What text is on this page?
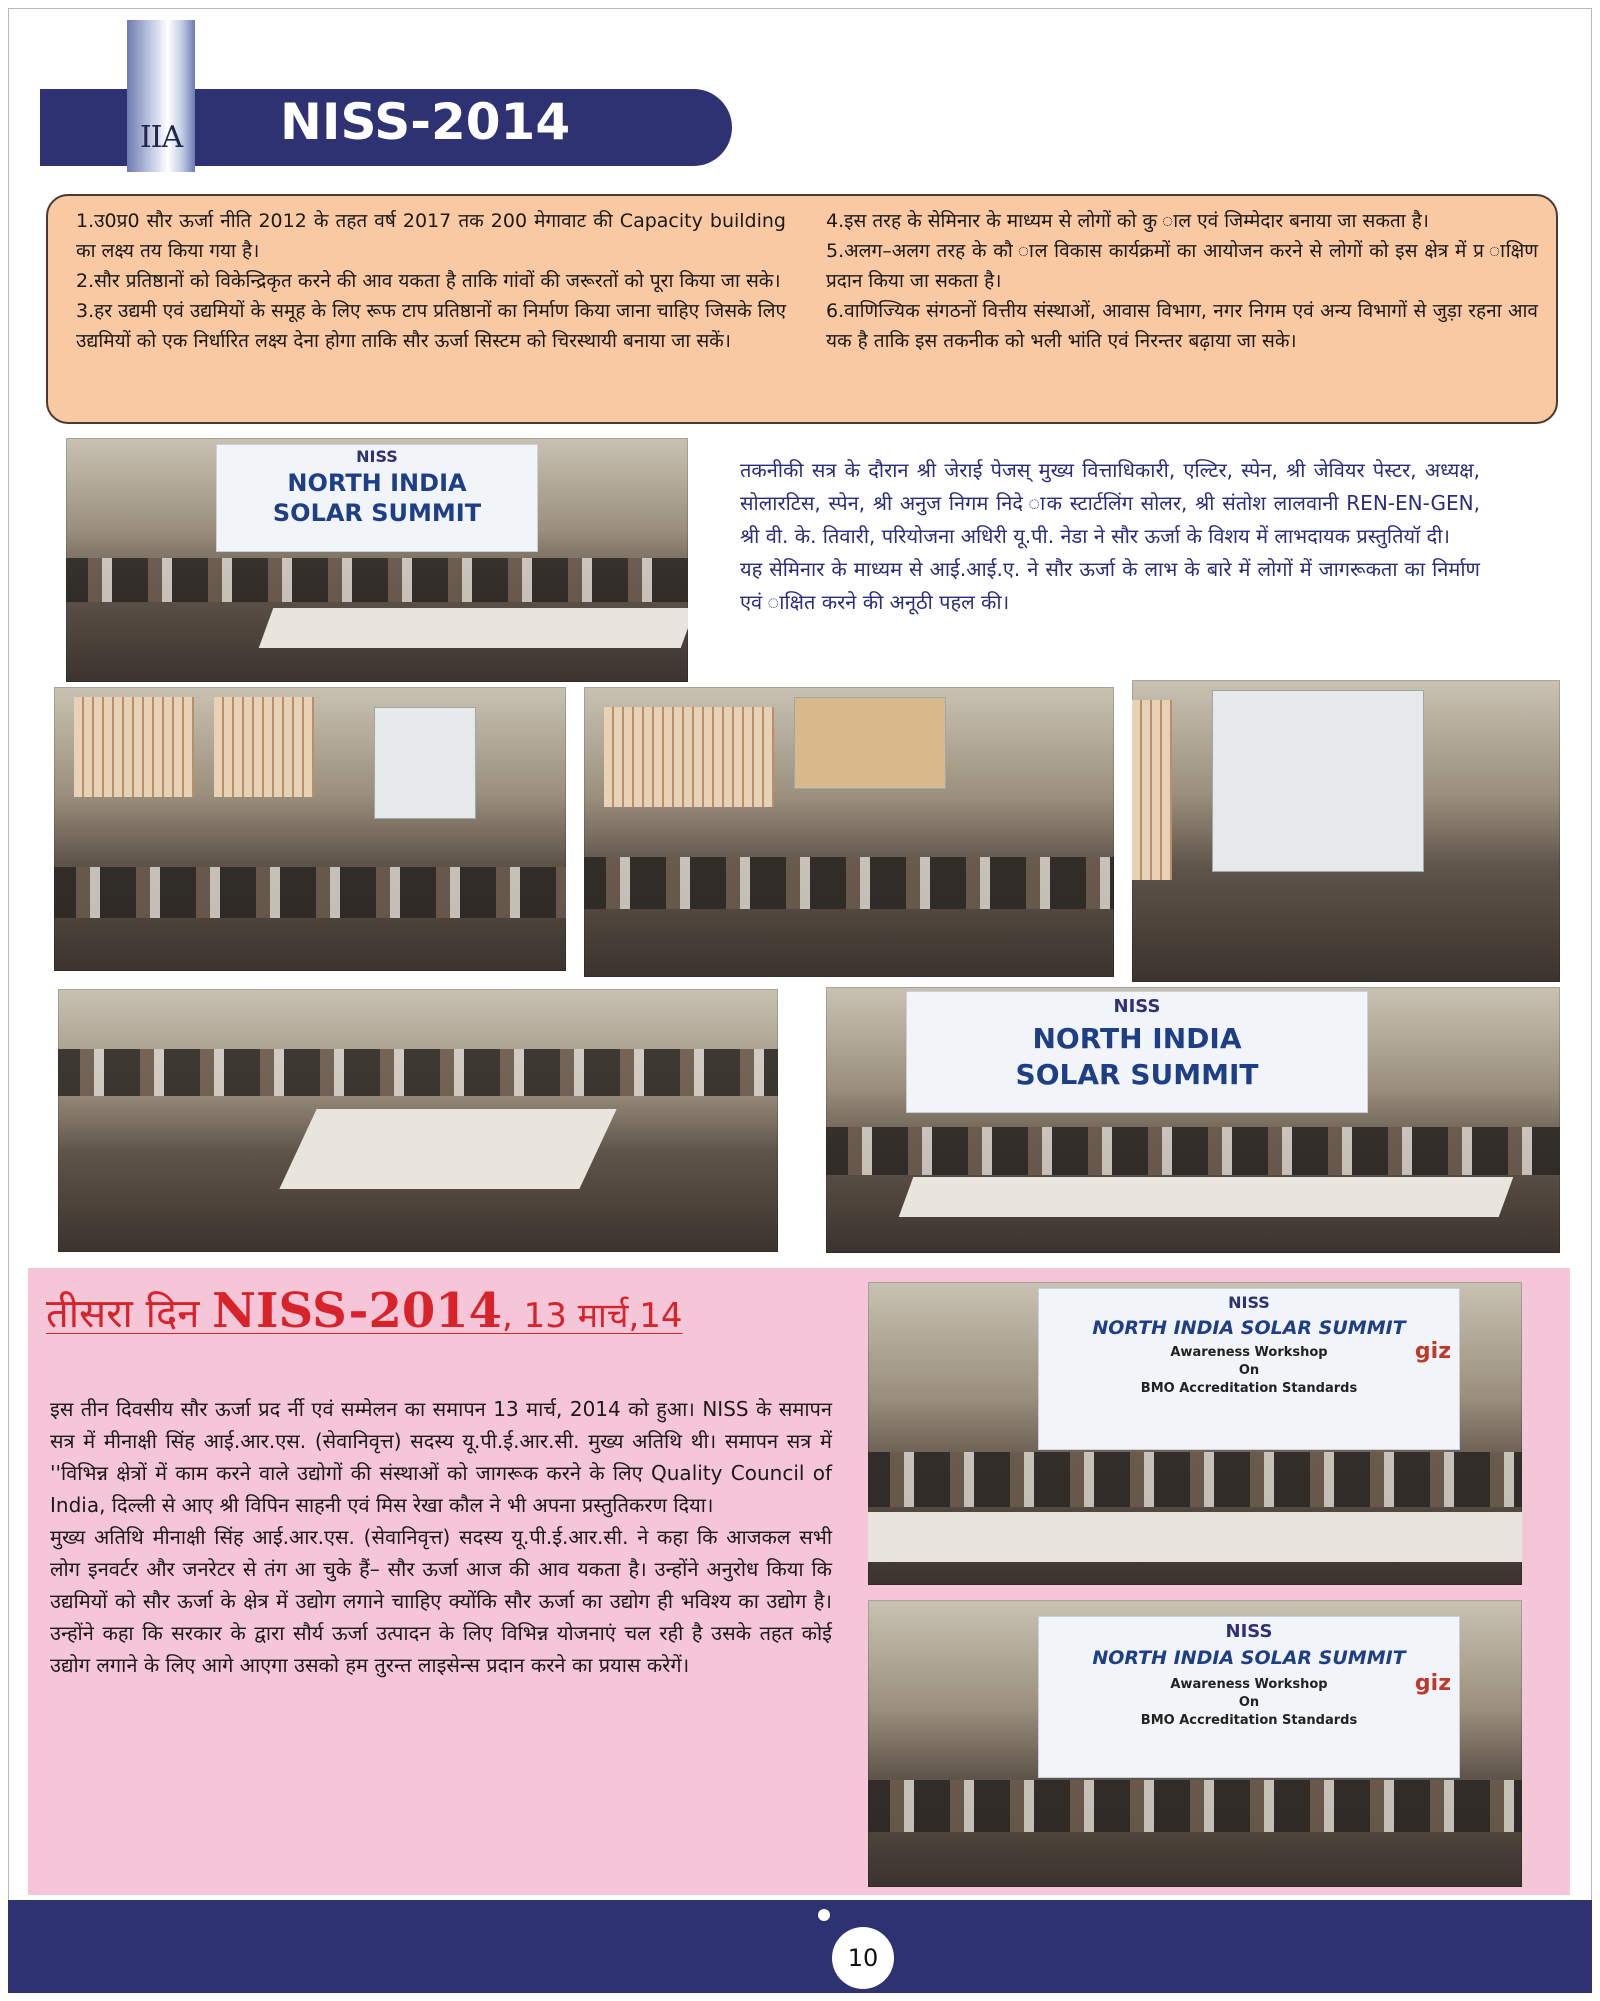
IIA NISS-2014

1.उ0प्र0 सौर ऊर्जा नीति 2012 के तहत वर्ष 2017 तक 200 मेगावाट की Capacity building का लक्ष्य तय किया गया है।

2.सौर प्रतिष्ठानों को विकेन्द्रिकृत करने की आव यकता है ताकि गांवों की जरूरतों को पूरा किया जा सके।

3.हर उद्यमी एवं उद्यमियों के समूह के लिए रूफ टाप प्रतिष्ठानों का निर्माण किया जाना चाहिए जिसके लिए उद्यमियों को एक निर्धारित लक्ष्य देना होगा ताकि सौर ऊर्जा सिस्टम को चिरस्थायी बनाया जा सकें।

4.इस तरह के सेमिनार के माध्यम से लोगों को कु ाल एवं जिम्मेदार बनाया जा सकता है।

5.अलग–अलग तरह के कौ ाल विकास कार्यक्रमों का आयोजन करने से लोगों को इस क्षेत्र में प्र ाक्षिण प्रदान किया जा सकता है।

6.वाणिज्यिक संगठनों वित्तीय संस्थाओं, आवास विभाग, नगर निगम एवं अन्य विभागों से जुड़ा रहना आव यक है ताकि इस तकनीक को भली भांति एवं निरन्तर बढ़ाया जा सके।

NISS
NORTH INDIA
SOLAR SUMMIT

तकनीकी सत्र के दौरान श्री जेराई पेजस् मुख्य वित्ताधिकारी, एल्टिर, स्पेन, श्री जेवियर पेस्टर, अध्यक्ष, सोलारटिस, स्पेन, श्री अनुज निगम निदे ाक स्टार्टलिंग सोलर, श्री संतोश लालवानी REN-EN-GEN, श्री वी. के. तिवारी, परियोजना अधिरी यू.पी. नेडा ने सौर ऊर्जा के विशय में लाभदायक प्रस्तुतियॉ दी।

यह सेमिनार के माध्यम से आई.आई.ए. ने सौर ऊर्जा के लाभ के बारे में लोगों में जागरूकता का निर्माण एवं ाक्षित करने की अनूठी पहल की।

NISS
NORTH INDIA
SOLAR SUMMIT
तीसरा दिन NISS-2014, 13 मार्च,14

इस तीन दिवसीय सौर ऊर्जा प्रद र्नी एवं सम्मेलन का समापन 13 मार्च, 2014 को हुआ। NISS के समापन सत्र में मीनाक्षी सिंह आई.आर.एस. (सेवानिवृत्त) सदस्य यू.पी.ई.आर.सी. मुख्य अतिथि थी। समापन सत्र में ''विभिन्न क्षेत्रों में काम करने वाले उद्योगों की संस्थाओं को जागरूक करने के लिए Quality Council of India, दिल्ली से आए श्री विपिन साहनी एवं मिस रेखा कौल ने भी अपना प्रस्तुतिकरण दिया।

मुख्य अतिथि मीनाक्षी सिंह आई.आर.एस. (सेवानिवृत्त) सदस्य यू.पी.ई.आर.सी. ने कहा कि आजकल सभी लोग इनवर्टर और जनरेटर से तंग आ चुके हैं– सौर ऊर्जा आज की आव यकता है। उन्होंने अनुरोध किया कि उद्यमियों को सौर ऊर्जा के क्षेत्र में उद्योग लगाने चााहिए क्योंकि सौर ऊर्जा का उद्योग ही भविश्य का उद्योग है। उन्होंने कहा कि सरकार के द्वारा सौर्य ऊर्जा उत्पादन के लिए विभिन्न योजनाएं चल रही है उसके तहत कोई उद्योग लगाने के लिए आगे आएगा उसको हम तुरन्त लाइसेन्स प्रदान करने का प्रयास करेगें।

NISS
NORTH INDIA SOLAR SUMMIT
Awareness Workshop
On
BMO Accreditation Standards
giz
NISS
NORTH INDIA SOLAR SUMMIT
Awareness Workshop
On
BMO Accreditation Standards
giz
10
